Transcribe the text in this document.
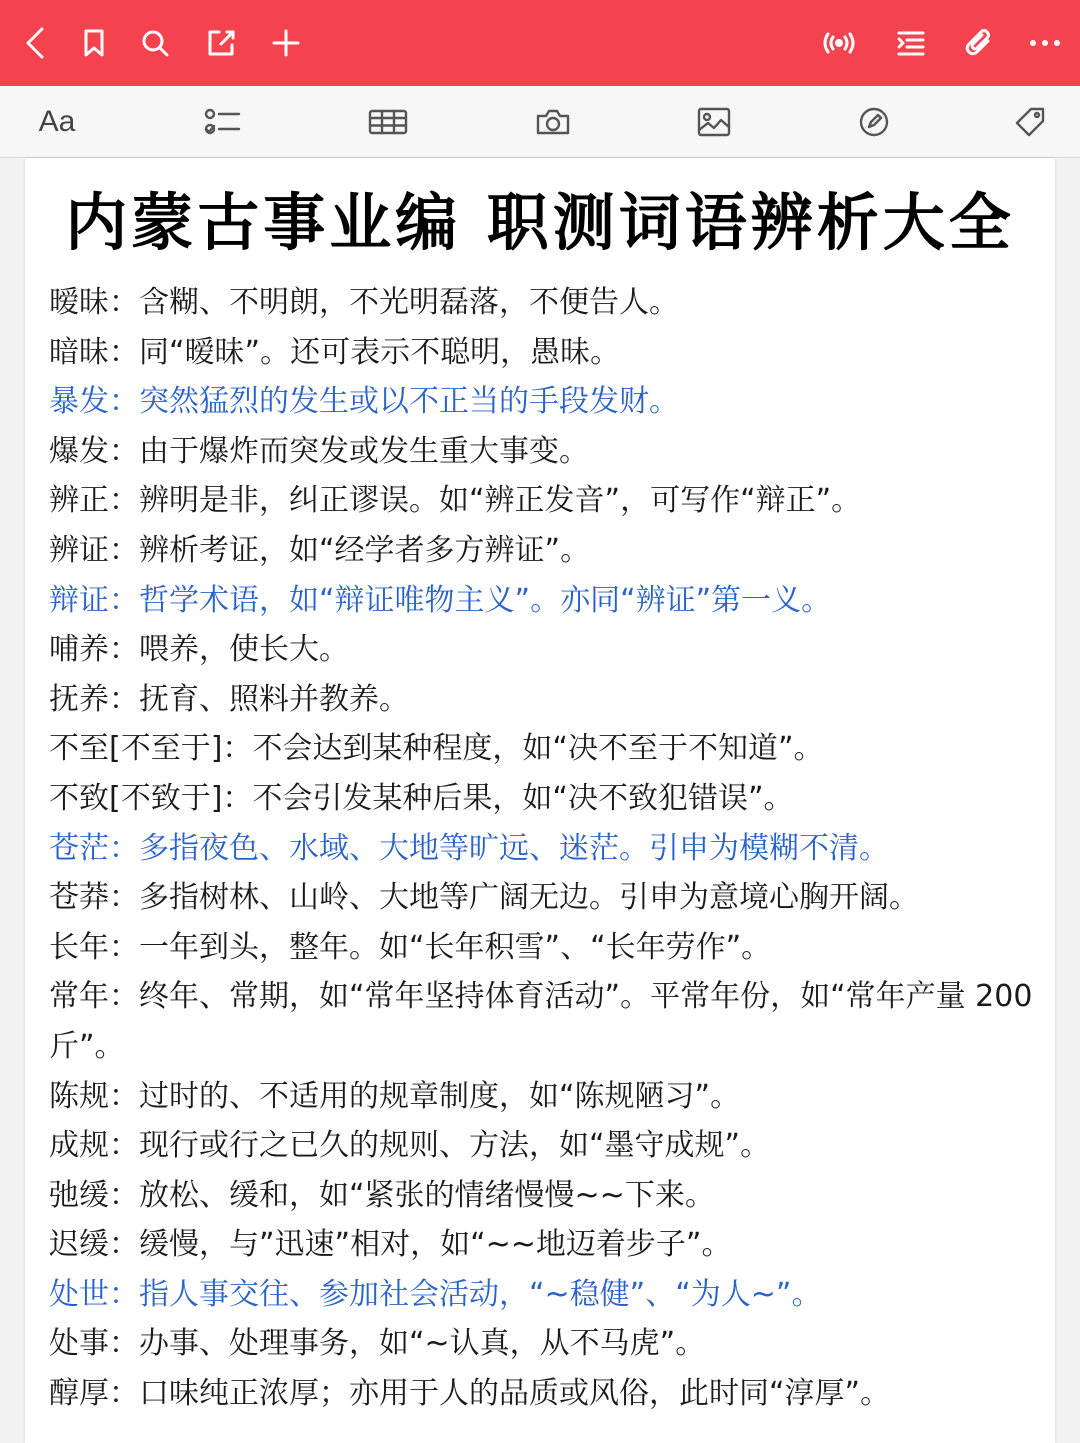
Aa
内蒙古事业编 职测词语辨析大全

暧昧：含糊、不明朗，不光明磊落，不便告人。

暗昧：同“暧昧”。还可表示不聪明，愚昧。

暴发：突然猛烈的发生或以不正当的手段发财。

爆发：由于爆炸而突发或发生重大事变。

辨正：辨明是非，纠正谬误。如“辨正发音”，可写作“辩正”。

辨证：辨析考证，如“经学者多方辨证”。

辩证：哲学术语，如“辩证唯物主义”。亦同“辨证”第一义。

哺养：喂养，使长大。

抚养：抚育、照料并教养。

不至[不至于]：不会达到某种程度，如“决不至于不知道”。

不致[不致于]：不会引发某种后果，如“决不致犯错误”。

苍茫：多指夜色、水域、大地等旷远、迷茫。引申为模糊不清。

苍莽：多指树林、山岭、大地等广阔无边。引申为意境心胸开阔。

长年：一年到头，整年。如“长年积雪”、“长年劳作”。

常年：终年、常期，如“常年坚持体育活动”。平常年份，如“常年产量 200 斤”。

陈规：过时的、不适用的规章制度，如“陈规陋习”。

成规：现行或行之已久的规则、方法，如“墨守成规”。

弛缓：放松、缓和，如“紧张的情绪慢慢~~下来。

迟缓：缓慢，与”迅速”相对，如“~~地迈着步子”。

处世：指人事交往、参加社会活动，“~稳健”、“为人~”。

处事：办事、处理事务，如“~认真，从不马虎”。

醇厚：口味纯正浓厚；亦用于人的品质或风俗，此时同“淳厚”。
